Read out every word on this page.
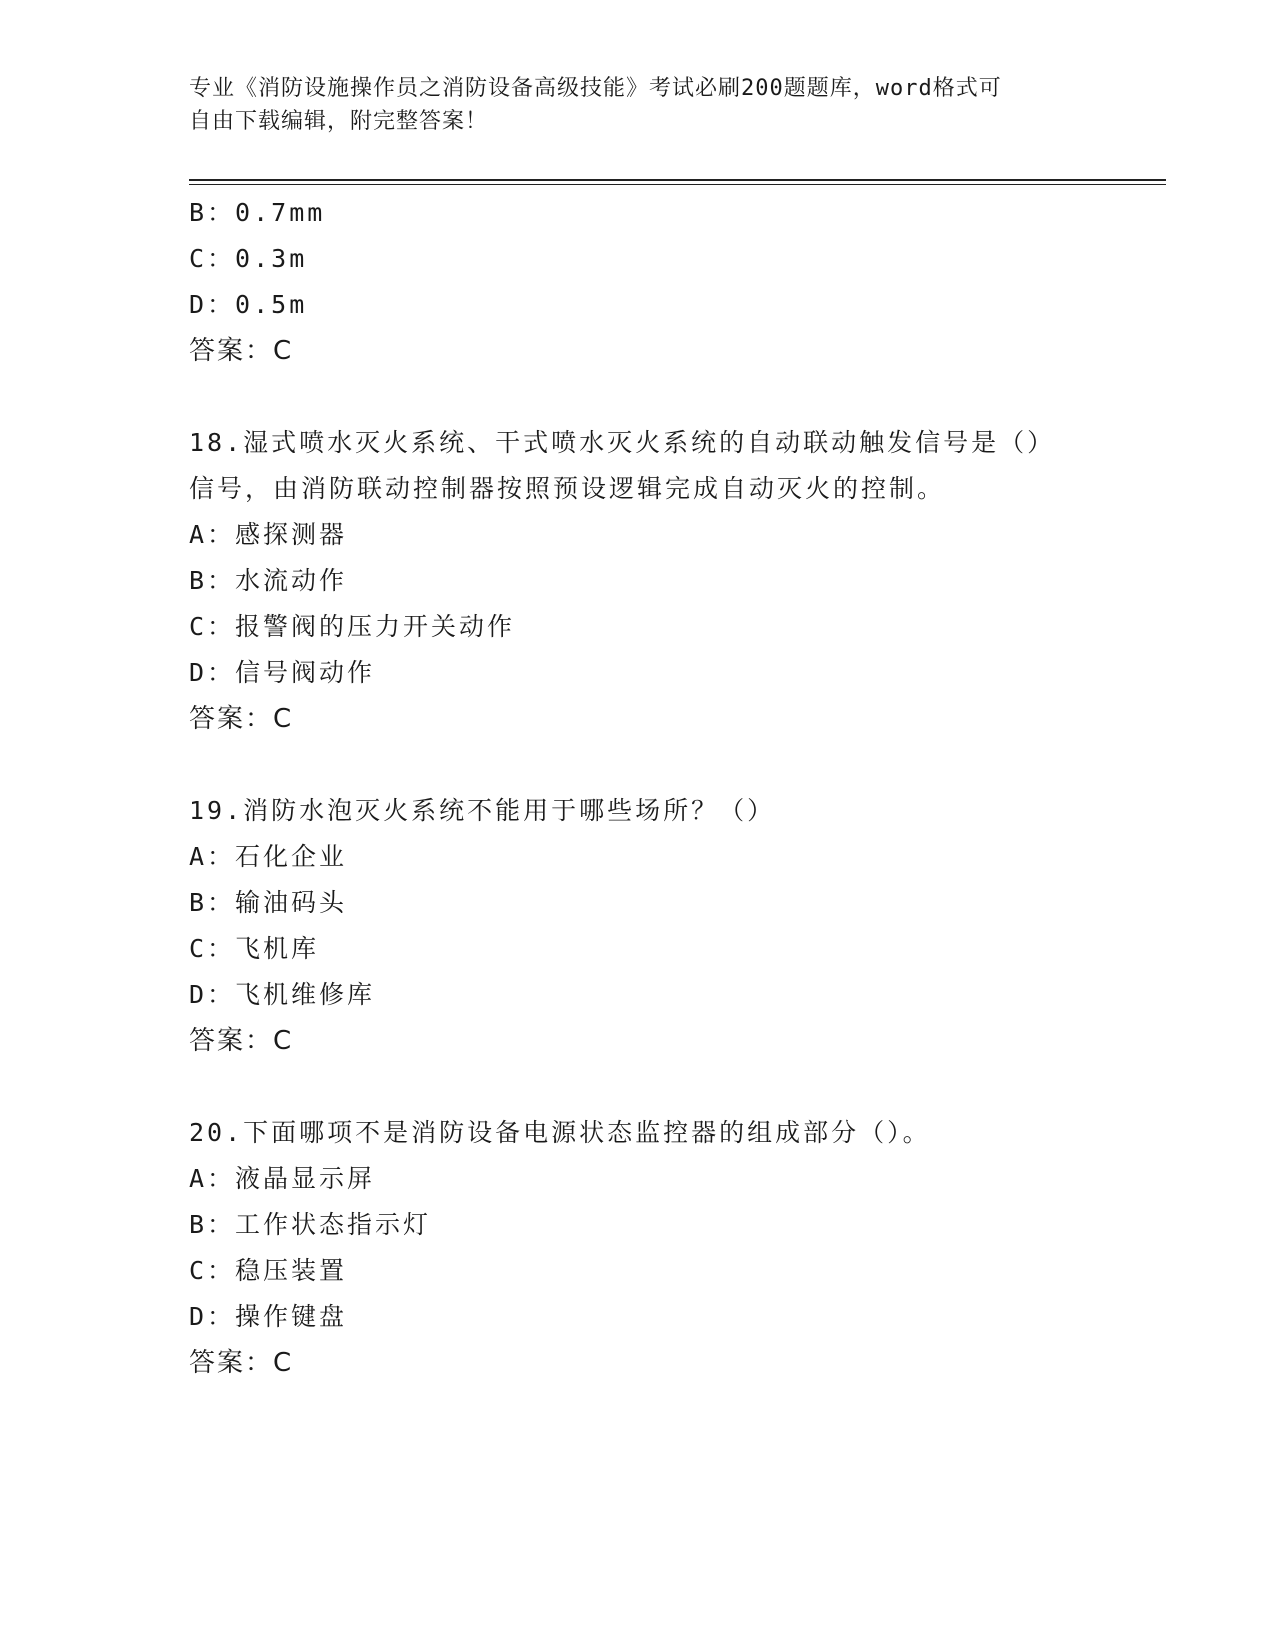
专业《消防设施操作员之消防设备高级技能》考试必刷200题题库，word格式可
自由下载编辑，附完整答案！
B：0.7mm
C：0.3m
D：0.5m
答案：C
18.湿式喷水灭火系统、干式喷水灭火系统的自动联动触发信号是（）
信号，由消防联动控制器按照预设逻辑完成自动灭火的控制。
A：感探测器
B：水流动作
C：报警阀的压力开关动作
D：信号阀动作
答案：C
19.消防水泡灭火系统不能用于哪些场所？（）
A：石化企业
B：输油码头
C：飞机库
D：飞机维修库
答案：C
20.下面哪项不是消防设备电源状态监控器的组成部分（）。
A：液晶显示屏
B：工作状态指示灯
C：稳压装置
D：操作键盘
答案：C
